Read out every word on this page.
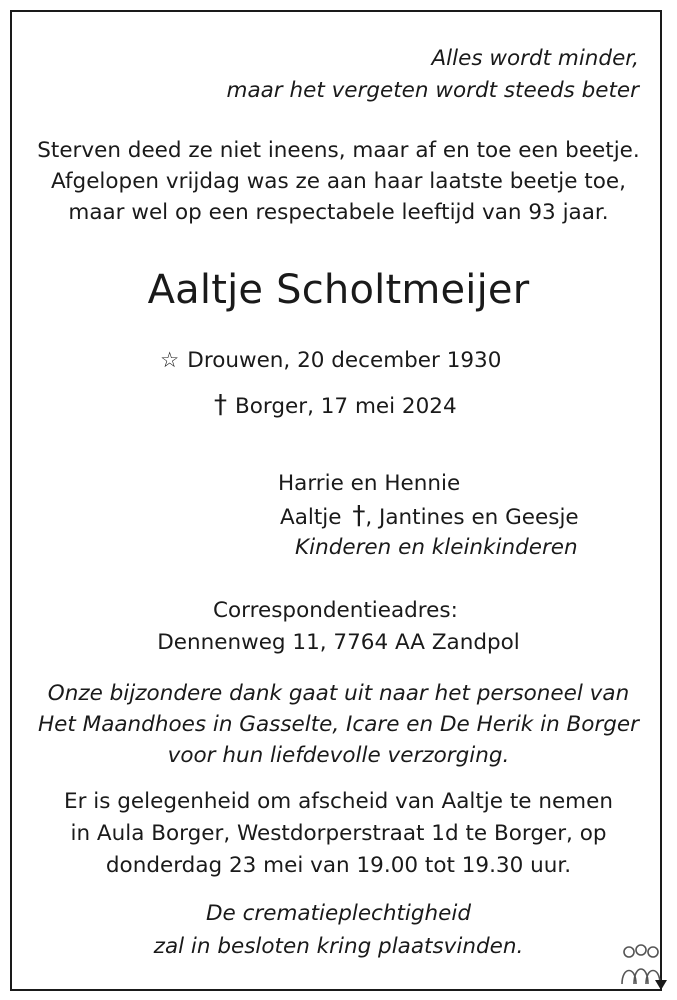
Alles wordt minder,
maar het vergeten wordt steeds beter
Sterven deed ze niet ineens, maar af en toe een beetje.
Afgelopen vrijdag was ze aan haar laatste beetje toe,
maar wel op een respectabele leeftijd van 93 jaar.
Aaltje Scholtmeijer
☆ Drouwen, 20 december 1930
† Borger, 17 mei 2024
Harrie en Hennie
Aaltje †, Jantines en Geesje
Kinderen en kleinkinderen
Correspondentieadres:
Dennenweg 11, 7764 AA Zandpol
Onze bijzondere dank gaat uit naar het personeel van
Het Maandhoes in Gasselte, Icare en De Herik in Borger
voor hun liefdevolle verzorging.
Er is gelegenheid om afscheid van Aaltje te nemen
in Aula Borger, Westdorperstraat 1d te Borger, op
donderdag 23 mei van 19.00 tot 19.30 uur.
De crematieplechtigheid
zal in besloten kring plaatsvinden.
